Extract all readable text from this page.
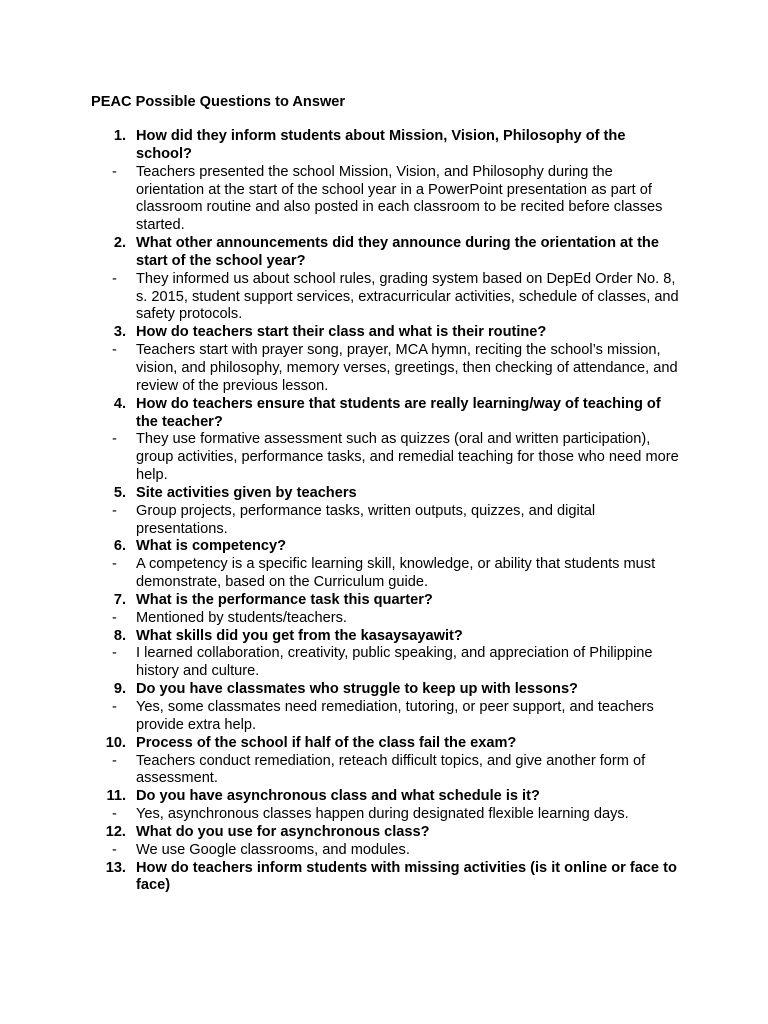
PEAC Possible Questions to Answer
1. How did they inform students about Mission, Vision, Philosophy of the school?
- Teachers presented the school Mission, Vision, and Philosophy during the orientation at the start of the school year in a PowerPoint presentation as part of classroom routine and also posted in each classroom to be recited before classes started.
2. What other announcements did they announce during the orientation at the start of the school year?
- They informed us about school rules, grading system based on DepEd Order No. 8, s. 2015, student support services, extracurricular activities, schedule of classes, and safety protocols.
3. How do teachers start their class and what is their routine?
- Teachers start with prayer song, prayer, MCA hymn, reciting the school’s mission, vision, and philosophy, memory verses, greetings, then checking of attendance, and review of the previous lesson.
4. How do teachers ensure that students are really learning/way of teaching of the teacher?
- They use formative assessment such as quizzes (oral and written participation), group activities, performance tasks, and remedial teaching for those who need more help.
5. Site activities given by teachers
- Group projects, performance tasks, written outputs, quizzes, and digital presentations.
6. What is competency?
- A competency is a specific learning skill, knowledge, or ability that students must demonstrate, based on the Curriculum guide.
7. What is the performance task this quarter?
- Mentioned by students/teachers.
8. What skills did you get from the kasaysayawit?
- I learned collaboration, creativity, public speaking, and appreciation of Philippine history and culture.
9. Do you have classmates who struggle to keep up with lessons?
- Yes, some classmates need remediation, tutoring, or peer support, and teachers provide extra help.
10. Process of the school if half of the class fail the exam?
- Teachers conduct remediation, reteach difficult topics, and give another form of assessment.
11. Do you have asynchronous class and what schedule is it?
- Yes, asynchronous classes happen during designated flexible learning days.
12. What do you use for asynchronous class?
- We use Google classrooms, and modules.
13. How do teachers inform students with missing activities (is it online or face to face)
